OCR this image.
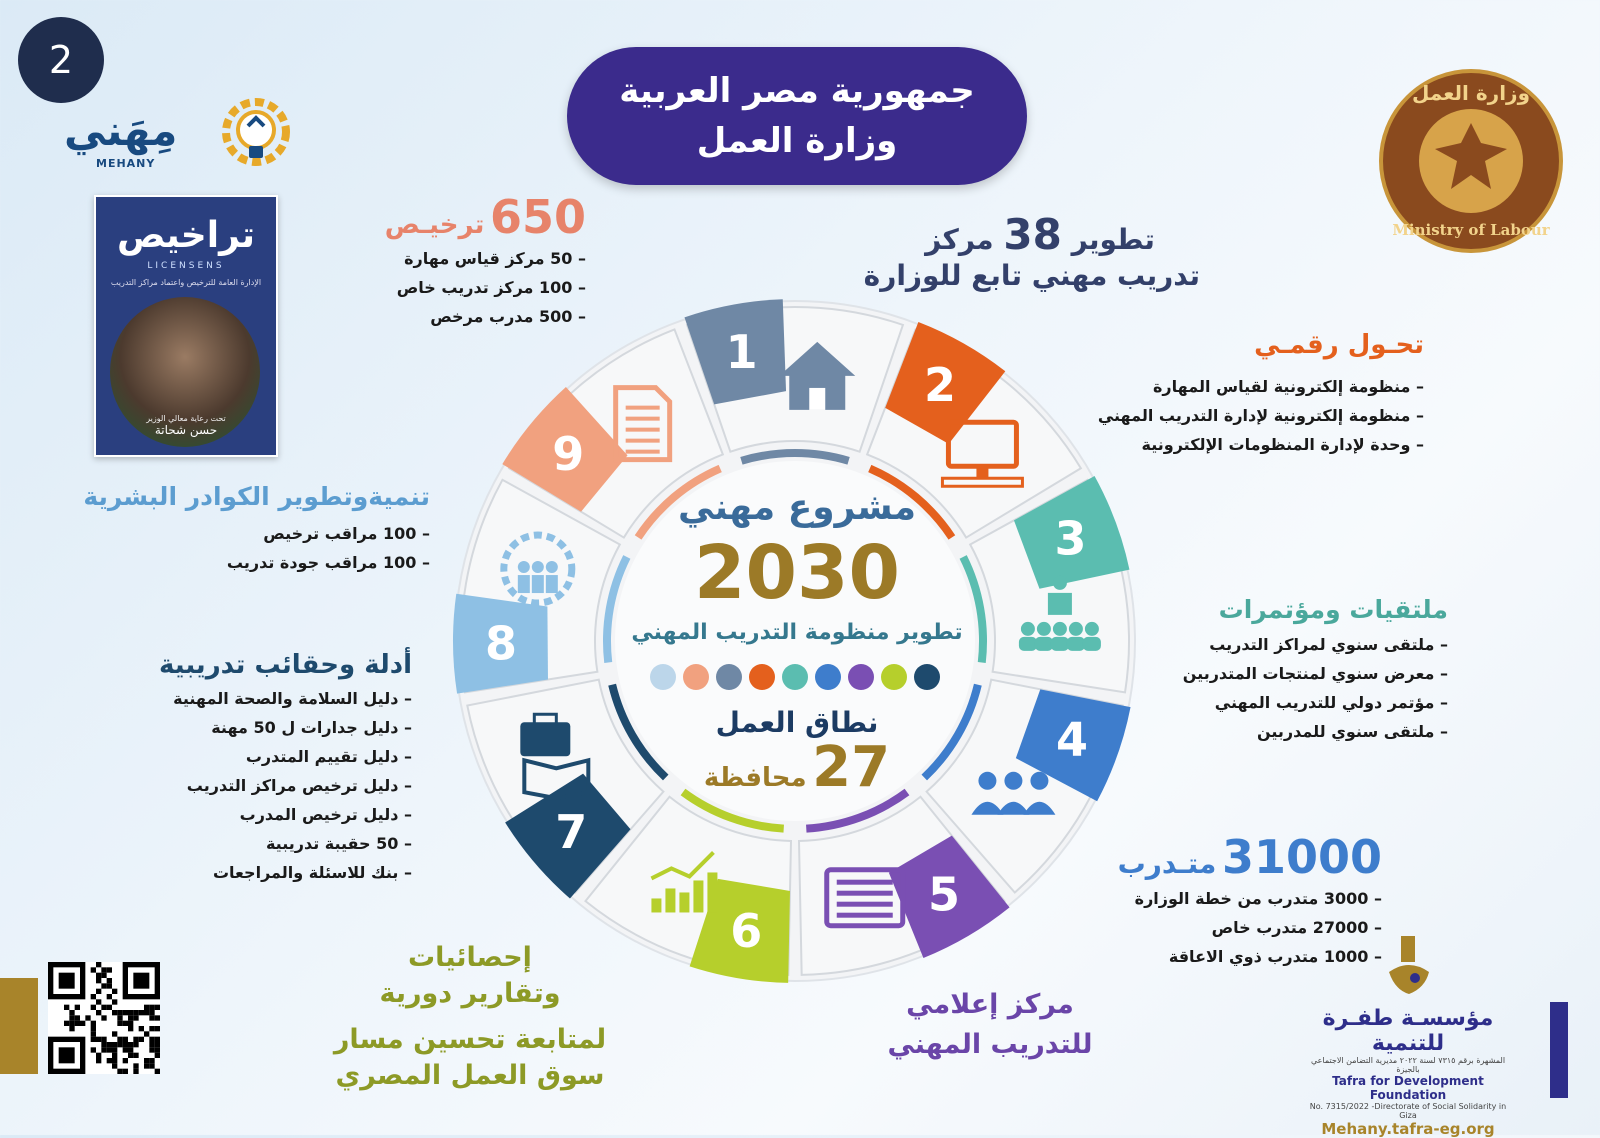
2
جمهورية مصر العربية
وزارة العمل
مِهَني
MEHANY
تراخيص
LICENSENS
الإدارة العامة للترخيص واعتماد مراكز التدريب
تحت رعاية معالي الوزير
حسن شحاتة
وزارة العمل
Ministry of Labour
1
2
3
4
5
6
7
8
9
مشروع مهني
2030
تطوير منظومة التدريب المهني
نطاق العمل
27 محافظة
تطوير 38 مركز
تدريب مهني تابع للوزارة
تحـول رقمـي
– منظومة إلكترونية لقياس المهارة
– منظومة إلكترونية لإدارة التدريب المهني
– وحدة لإدارة المنظومات الإلكترونية
ملتقيات ومؤتمرات
– ملتقى سنوي لمراكز التدريب
– معرض سنوي لمنتجات المتدربين
– مؤتمر دولي للتدريب المهني
– ملتقى سنوي للمدربين
31000 متـدرب
– 3000 متدرب من خطة الوزارة
– 27000 متدرب خاص
– 1000 متدرب ذوي الاعاقة
مركز إعلامي
للتدريب المهني
إحصائيات
وتقارير دورية
لمتابعة تحسين مسار
سوق العمل المصري
أدلة وحقائب تدريبية
– دليل السلامة والصحة المهنية
– دليل جدارات ل 50 مهنة
– دليل تقييم المتدرب
– دليل ترخيص مراكز التدريب
– دليل ترخيص المدرب
– 50 حقيبة تدريبية
– بنك للاسئلة والمراجعات
تنميةوتطوير الكوادر البشرية
– 100 مراقب ترخيص
– 100 مراقب جودة تدريب
650 ترخيـص
– 50 مركز قياس مهارة
– 100 مركز تدريب خاص
– 500 مدرب مرخص
مؤسسـة طفـرة للتنمية
المشهرة برقم ٧٣١٥ لسنة ٢٠٢٢ مديرية التضامن الاجتماعي بالجيزة
Tafra for Development Foundation
No. 7315/2022 -Directorate of Social Solidarity in Giza
Mehany.tafra-eg.org
